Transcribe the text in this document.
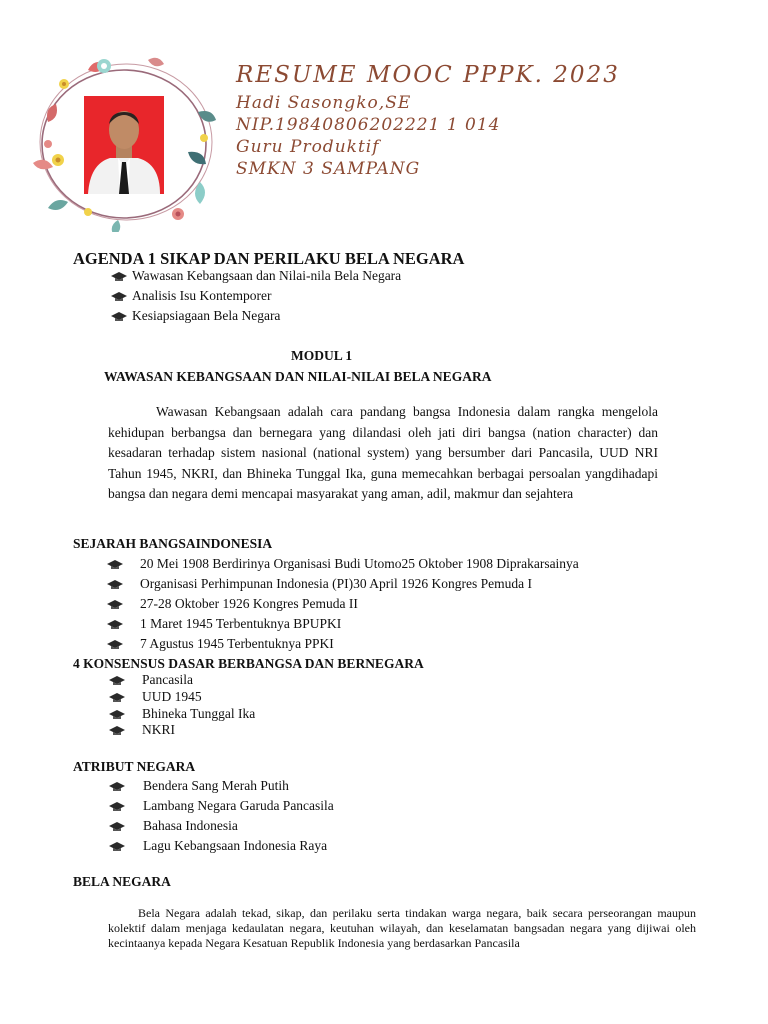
RESUME MOOC PPPK. 2023
Hadi Sasongko,SE
NIP.19840806202221 1 014
Guru Produktif
SMKN 3 SAMPANG
AGENDA 1 SIKAP DAN PERILAKU BELA NEGARA
Wawasan Kebangsaan dan Nilai-nila Bela Negara
Analisis Isu Kontemporer
Kesiapsiagaan Bela Negara
MODUL 1
WAWASAN KEBANGSAAN DAN NILAI-NILAI BELA NEGARA

Wawasan Kebangsaan adalah cara pandang bangsa Indonesia dalam rangka mengelola kehidupan berbangsa dan bernegara yang dilandasi oleh jati diri bangsa (nation character) dan kesadaran terhadap sistem nasional (national system) yang bersumber dari Pancasila, UUD NRI Tahun 1945, NKRI, dan Bhineka Tunggal Ika, guna memecahkan berbagai persoalan yangdihadapi bangsa dan negara demi mencapai masyarakat yang aman, adil, makmur dan sejahtera

SEJARAH BANGSAINDONESIA
20 Mei 1908 Berdirinya Organisasi Budi Utomo25 Oktober 1908 Diprakarsainya
Organisasi Perhimpunan Indonesia (PI)30 April 1926 Kongres Pemuda I
27-28 Oktober 1926 Kongres Pemuda II
1 Maret 1945 Terbentuknya BPUPKI
7 Agustus 1945 Terbentuknya PPKI
4 KONSENSUS DASAR BERBANGSA DAN BERNEGARA
Pancasila
UUD 1945
Bhineka Tunggal Ika
NKRI
ATRIBUT NEGARA
Bendera Sang Merah Putih
Lambang Negara Garuda Pancasila
Bahasa Indonesia
Lagu Kebangsaan Indonesia Raya
BELA NEGARA

Bela Negara adalah tekad, sikap, dan perilaku serta tindakan warga negara, baik secara perseorangan maupun kolektif dalam menjaga kedaulatan negara, keutuhan wilayah, dan keselamatan bangsadan negara yang dijiwai oleh kecintaanya kepada Negara Kesatuan Republik Indonesia yang berdasarkan Pancasila
